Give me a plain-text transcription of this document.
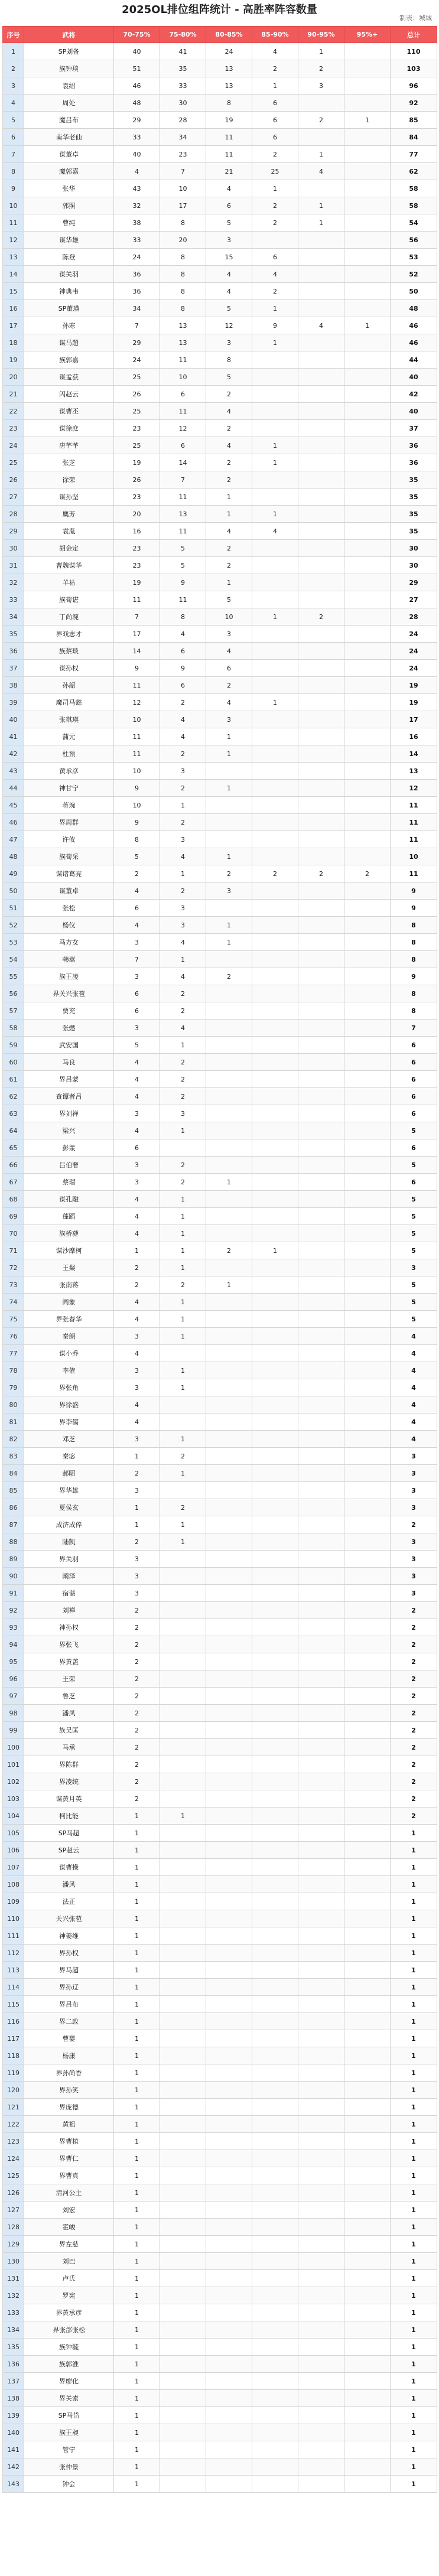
2025OL排位组阵统计 - 高胜率阵容数量
制表：城城
序号	武将	70-75%	75-80%	80-85%	85-90%	90-95%	95%+	总计
1	SP刘备	40	41	24	4	1		110
2	族钟琰	51	35	13	2	2		103
3	袁绍	46	33	13	1	3		96
4	周处	48	30	8	6			92
5	魔吕布	29	28	19	6	2	1	85
6	南华老仙	33	34	11	6			84
7	谋董卓	40	23	11	2	1		77
8	魔郭嘉	4	7	21	25	4		62
9	张华	43	10	4	1			58
10	郭照	32	17	6	2	1		58
11	曹纯	38	8	5	2	1		54
12	谋华雄	33	20	3				56
13	陈登	24	8	15	6			53
14	谋关羽	36	8	4	4			52
15	神典韦	36	8	4	2			50
16	SP董璜	34	8	5	1			48
17	孙寒	7	13	12	9	4	1	46
18	谋马超	29	13	3	1			46
19	族郭嘉	24	11	8				44
20	谋孟获	25	10	5				40
21	闪赵云	26	6	2				42
22	谋曹丕	25	11	4				40
23	谋徐庶	23	12	2				37
24	唐芊芊	25	6	4	1			36
25	张芝	19	14	2	1			36
26	徐荣	26	7	2				35
27	谋孙坚	23	11	1				35
28	麋芳	20	13	1	1			35
29	袁胤	16	11	4	4			35
30	胡金定	23	5	2				30
31	曹魏谋华	23	5	2				30
32	羊祜	19	9	1				29
33	族荀谌	11	11	5				27
34	丁尚涴	7	8	10	1	2		28
35	界戏志才	17	4	3				24
36	族蔡琰	14	6	4				24
37	谋孙权	9	9	6				24
38	孙韶	11	6	2				19
39	魔司马懿	12	2	4	1			19
40	张琪瑛	10	4	3				17
41	蒲元	11	4	1				16
42	杜预	11	2	1				14
43	黄承彦	10	3					13
44	神甘宁	9	2	1				12
45	蒋琬	10	1					11
46	界周群	9	2					11
47	许攸	8	3					11
48	族荀采	5	4	1				10
49	谋诸葛亮	2	1	2	2	2	2	11
50	谋董卓	4	2	3				9
51	张松	6	3					9
52	杨仪	4	3	1				8
53	马方女	3	4	1				8
54	韩嵩	7	1					8
55	族王凌	3	4	2				9
56	界关兴张苞	6	2					8
57	贾充	6	2					8
58	张燃	3	4					7
59	武安国	5	1					6
60	马良	4	2					6
61	界吕蒙	4	2					6
62	查谭者吕	4	2					6
63	界刘禅	3	3					6
64	梁兴	4	1					5
65	彭羕	6						6
66	吕伯奢	3	2					5
67	蔡瑁	3	2	1				6
68	谋孔融	4	1					5
69	蓬蹈	4	1					5
70	族桥蕤	4	1					5
71	谋沙摩柯	1	1	2	1			5
72	王粲	2	1					3
73	张南蒋	2	2	1				5
74	阎象	4	1					5
75	界张春华	4	1					5
76	秦朗	3	1					4
77	谋小乔	4						4
78	李傕	3	1					4
79	界张角	3	1					4
80	界徐盛	4						4
81	界李儒	4						4
82	邓芝	3	1					4
83	秦宓	1	2					3
84	郝昭	2	1					3
85	界华雄	3						3
86	夏侯玄	1	2					3
87	成济成倅	1	1					2
88	陆凯	2	1					3
89	界关羽	3						3
90	阚泽	3						3
91	宿谌	3						3
92	刘禅	2						2
93	神孙权	2						2
94	界张飞	2						2
95	界黄盖	2						2
96	王荣	2						2
97	鲁芝	2						2
98	潘凤	2						2
99	族吴匡	2						2
100	马承	2						2
101	界陈群	2						2
102	界凌统	2						2
103	谋黄月英	2						2
104	柯比能	1	1					2
105	SP马超	1						1
106	SP赵云	1						1
107	谋曹操	1						1
108	潘风	1						1
109	法正	1						1
110	关兴张苞	1						1
111	神姜维	1						1
112	界孙权	1						1
113	界马超	1						1
114	界孙辽	1						1
115	界吕布	1						1
116	界二政	1						1
117	曹婴	1						1
118	杨康	1						1
119	界孙尚香	1						1
120	界孙笑	1						1
121	界庞德	1						1
122	黄祖	1						1
123	界曹植	1						1
124	界曹仁	1						1
125	界曹真	1						1
126	清河公主	1						1
127	刘宏	1						1
128	霍峻	1						1
129	界左慈	1						1
130	刘巴	1						1
131	卢氏	1						1
132	罗宪	1						1
133	界黄承彦	1						1
134	界张郃张松	1						1
135	族钟毓	1						1
136	族郭淮	1						1
137	界廖化	1						1
138	界关索	1						1
139	SP马岱	1						1
140	族王昶	1						1
141	管宁	1						1
142	张仲景	1						1
143	钟会	1						1
